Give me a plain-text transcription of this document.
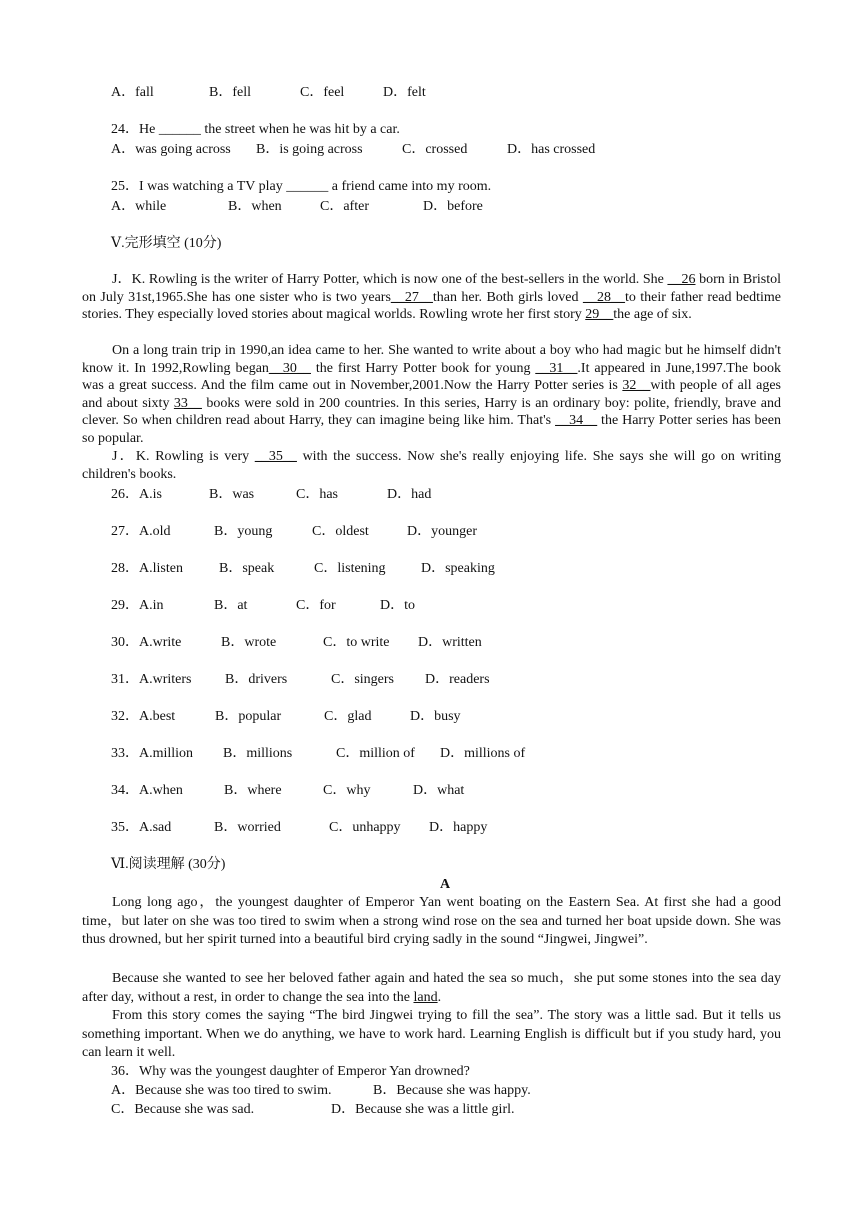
A．fall	B．fell	C．feel	D．felt
24．He ______ the street when he was hit by a car.
A．was going across B．is going across	C．crossed	D．has crossed
25．I was watching a TV play ______ a friend came into my room.
A．while	B．when	C．after	D．before
Ⅴ.完形填空 (10分)
J．K. Rowling is the writer of Harry Potter, which is now one of the best-sellers in the world. She __26 born in Bristol on July 31st,1965.She has one sister who is two years__27__than her. Both girls loved __28__to their father read bedtime stories. They especially loved stories about magical worlds. Rowling wrote her first story 29__the age of six.
On a long train trip in 1990,an idea came to her. She wanted to write about a boy who had magic but he himself didn't know it. In 1992,Rowling began__30__ the first Harry Potter book for young __31__.It appeared in June,1997.The book was a great success. And the film came out in November,2001.Now the Harry Potter series is 32__with people of all ages and about sixty 33__ books were sold in 200 countries. In this series, Harry is an ordinary boy: polite, friendly, brave and clever. So when children read about Harry, they can imagine being like him. That's __34__ the Harry Potter series has been so popular.
J．K. Rowling is very __35__ with the success. Now she's really enjoying life. She says she will go on writing children's books.
26．A.is	B．was	C．has	D．had
27．A.old	B．young	C．oldest	D．younger
28．A.listen	B．speak	C．listening	D．speaking
29．A.in	B．at	C．for	D．to
30．A.write	B．wrote	C．to write D．written
31．A.writers B．drivers	C．singers D．readers
32．A.best	B．popular	C．glad	D．busy
33．A.million B．millions	C．million of D．millions of
34．A.when	B．where	C．why	D．what
35．A.sad	B．worried	C．unhappy D．happy
Ⅵ.阅读理解 (30分)
A
Long long ago，the youngest daughter of Emperor Yan went boating on the Eastern Sea. At first she had a good time，but later on she was too tired to swim when a strong wind rose on the sea and turned her boat upside down. She was thus drowned, but her spirit turned into a beautiful bird crying sadly in the sound “Jingwei, Jingwei”.
Because she wanted to see her beloved father again and hated the sea so much，she put some stones into the sea day after day, without a rest, in order to change the sea into the land.
From this story comes the saying “The bird Jingwei trying to fill the sea”. The story was a little sad. But it tells us something important. When we do anything, we have to work hard. Learning English is difficult but if you study hard, you can learn it well.
36．Why was the youngest daughter of Emperor Yan drowned?
A．Because she was too tired to swim.	B．Because she was happy.
C．Because she was sad.	D．Because she was a little girl.
